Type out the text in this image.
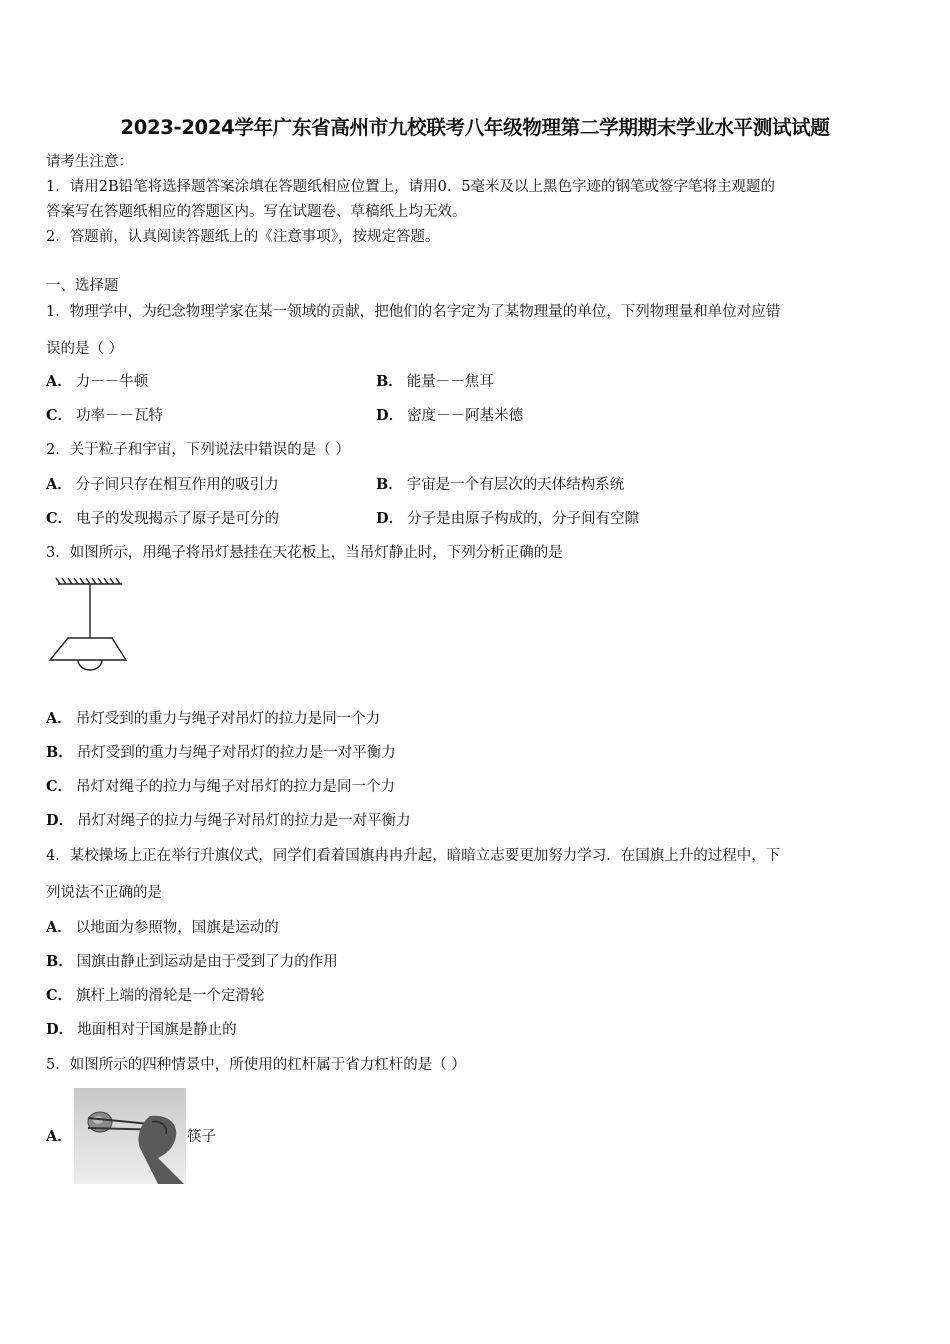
2023-2024学年广东省高州市九校联考八年级物理第二学期期末学业水平测试试题
请考生注意：
1．请用2B铅笔将选择题答案涂填在答题纸相应位置上，请用0．5毫米及以上黑色字迹的钢笔或签字笔将主观题的
答案写在答题纸相应的答题区内。写在试题卷、草稿纸上均无效。
2．答题前，认真阅读答题纸上的《注意事项》，按规定答题。
一、选择题
1．物理学中，为纪念物理学家在某一领域的贡献，把他们的名字定为了某物理量的单位，下列物理量和单位对应错
误的是（ ）
A． 力－－牛顿	B． 能量－－焦耳
C． 功率－－瓦特	D． 密度－－阿基米德
2．关于粒子和宇宙，下列说法中错误的是（ ）
A． 分子间只存在相互作用的吸引力	B． 宇宙是一个有层次的天体结构系统
C． 电子的发现揭示了原子是可分的	D． 分子是由原子构成的，分子间有空隙
3．如图所示，用绳子将吊灯悬挂在天花板上，当吊灯静止时，下列分析正确的是
A． 吊灯受到的重力与绳子对吊灯的拉力是同一个力
B． 吊灯受到的重力与绳子对吊灯的拉力是一对平衡力
C． 吊灯对绳子的拉力与绳子对吊灯的拉力是同一个力
D． 吊灯对绳子的拉力与绳子对吊灯的拉力是一对平衡力
4．某校操场上正在举行升旗仪式，同学们看着国旗冉冉升起，暗暗立志要更加努力学习．在国旗上升的过程中，下
列说法不正确的是
A． 以地面为参照物，国旗是运动的
B． 国旗由静止到运动是由于受到了力的作用
C． 旗杆上端的滑轮是一个定滑轮
D． 地面相对于国旗是静止的
5．如图所示的四种情景中，所使用的杠杆属于省力杠杆的是（ ）
A．	筷子
